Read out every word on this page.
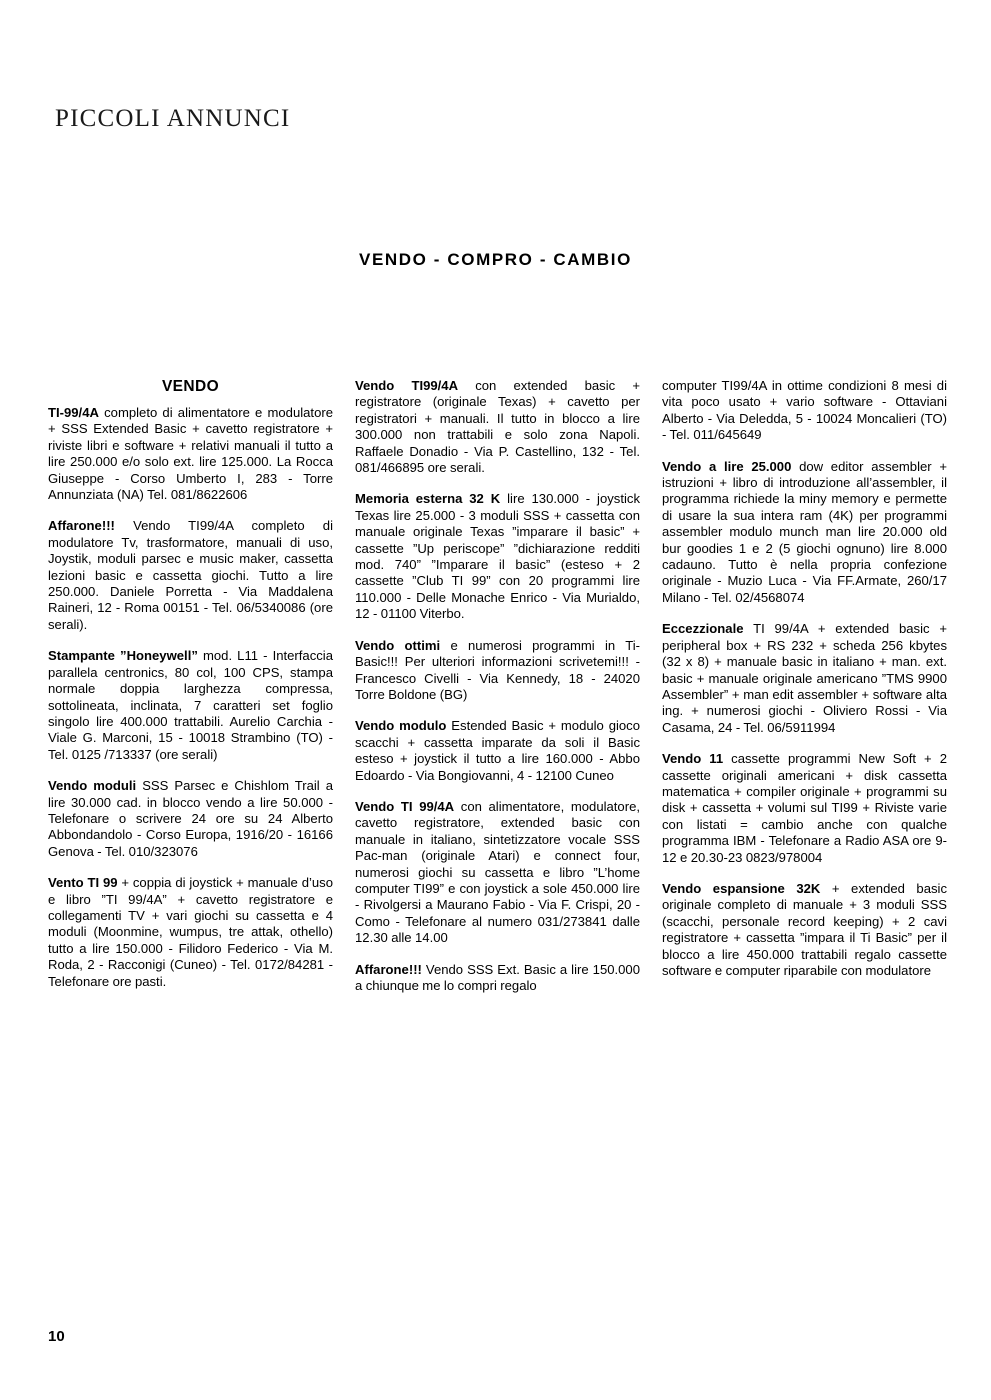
PICCOLI ANNUNCI
VENDO - COMPRO - CAMBIO
VENDO

TI-99/4A completo di alimentatore e modulatore + SSS Extended Basic + cavetto registratore + riviste libri e software + relativi manuali il tutto a lire 250.000 e/o solo ext. lire 125.000. La Rocca Giuseppe - Corso Umberto I, 283 - Torre Annunziata (NA) Tel. 081/8622606

Affarone!!! Vendo TI99/4A completo di modulatore Tv, trasformatore, manuali di uso, Joystik, moduli parsec e music maker, cassetta lezioni basic e cassetta giochi. Tutto a lire 250.000. Daniele Porretta - Via Maddalena Raineri, 12 - Roma 00151 - Tel. 06/5340086 (ore serali).

Stampante ”Honeywell” mod. L11 - Interfaccia parallela centronics, 80 col, 100 CPS, stampa normale doppia larghezza compressa, sottolineata, inclinata, 7 caratteri set foglio singolo lire 400.000 trattabili. Aurelio Carchia - Viale G. Marconi, 15 - 10018 Strambino (TO) - Tel. 0125 /713337 (ore serali)

Vendo moduli SSS Parsec e Chishlom Trail a lire 30.000 cad. in blocco vendo a lire 50.000 - Telefonare o scrivere 24 ore su 24 Alberto Abbondandolo - Corso Europa, 1916/20 - 16166 Genova - Tel. 010/323076

Vento TI 99 + coppia di joystick + manuale d’uso e libro ”TI 99/4A” + cavetto registratore e collegamenti TV + vari giochi su cassetta e 4 moduli (Moonmine, wumpus, tre attak, othello) tutto a lire 150.000 - Filidoro Federico - Via M. Roda, 2 - Racconigi (Cuneo) - Tel. 0172/84281 - Telefonare ore pasti.

Vendo TI99/4A con extended basic + registratore (originale Texas) + cavetto per registratori + manuali. Il tutto in blocco a lire 300.000 non trattabili e solo zona Napoli. Raffaele Donadio - Via P. Castellino, 132 - Tel. 081/466895 ore serali.

Memoria esterna 32 K lire 130.000 - joystick Texas lire 25.000 - 3 moduli SSS + cassetta con manuale originale Texas ”imparare il basic” + cassette ”Up periscope” ”dichiarazione redditi mod. 740” ”Imparare il basic” (esteso + 2 cassette ”Club TI 99” con 20 programmi lire 110.000 - Delle Monache Enrico - Via Murialdo, 12 - 01100 Viterbo.

Vendo ottimi e numerosi programmi in Ti-Basic!!! Per ulteriori informazioni scrivetemi!!! - Francesco Civelli - Via Kennedy, 18 - 24020 Torre Boldone (BG)

Vendo modulo Estended Basic + modulo gioco scacchi + cassetta imparate da soli il Basic esteso + joystick il tutto a lire 160.000 - Abbo Edoardo - Via Bongiovanni, 4 - 12100 Cuneo

Vendo TI 99/4A con alimentatore, modulatore, cavetto registratore, extended basic con manuale in italiano, sintetizzatore vocale SSS Pac-man (originale Atari) e connect four, numerosi giochi su cassetta e libro ”L’home computer TI99” e con joystick a sole 450.000 lire - Rivolgersi a Maurano Fabio - Via F. Crispi, 20 - Como - Telefonare al numero 031/273841 dalle 12.30 alle 14.00

Affarone!!! Vendo SSS Ext. Basic a lire 150.000 a chiunque me lo compri regalo

computer TI99/4A in ottime condizioni 8 mesi di vita poco usato + vario software - Ottaviani Alberto - Via Deledda, 5 - 10024 Moncalieri (TO) - Tel. 011/645649

Vendo a lire 25.000 dow editor assembler + istruzioni + libro di introduzione all’assembler, il programma richiede la miny memory e permette di usare la sua intera ram (4K) per programmi assembler modulo munch man lire 20.000 old bur goodies 1 e 2 (5 giochi ognuno) lire 8.000 cadauno. Tutto è nella propria confezione originale - Muzio Luca - Via FF.Armate, 260/17 Milano - Tel. 02/4568074

Eccezzionale TI 99/4A + extended basic + peripheral box + RS 232 + scheda 256 kbytes (32 x 8) + manuale basic in italiano + man. ext. basic + manuale originale americano ”TMS 9900 Assembler” + man edit assembler + software alta ing. + numerosi giochi - Oliviero Rossi - Via Casama, 24 - Tel. 06/5911994

Vendo 11 cassette programmi New Soft + 2 cassette originali americani + disk cassetta matematica + compiler originale + programmi su disk + cassetta + volumi sul TI99 + Riviste varie con listati = cambio anche con qualche programma IBM - Telefonare a Radio ASA ore 9-12 e 20.30-23 0823/978004

Vendo espansione 32K + extended basic originale completo di manuale + 3 moduli SSS (scacchi, personale record keeping) + 2 cavi registratore + cassetta ”impara il Ti Basic” per il blocco a lire 450.000 trattabili regalo cassette software e computer riparabile con modulatore

10
